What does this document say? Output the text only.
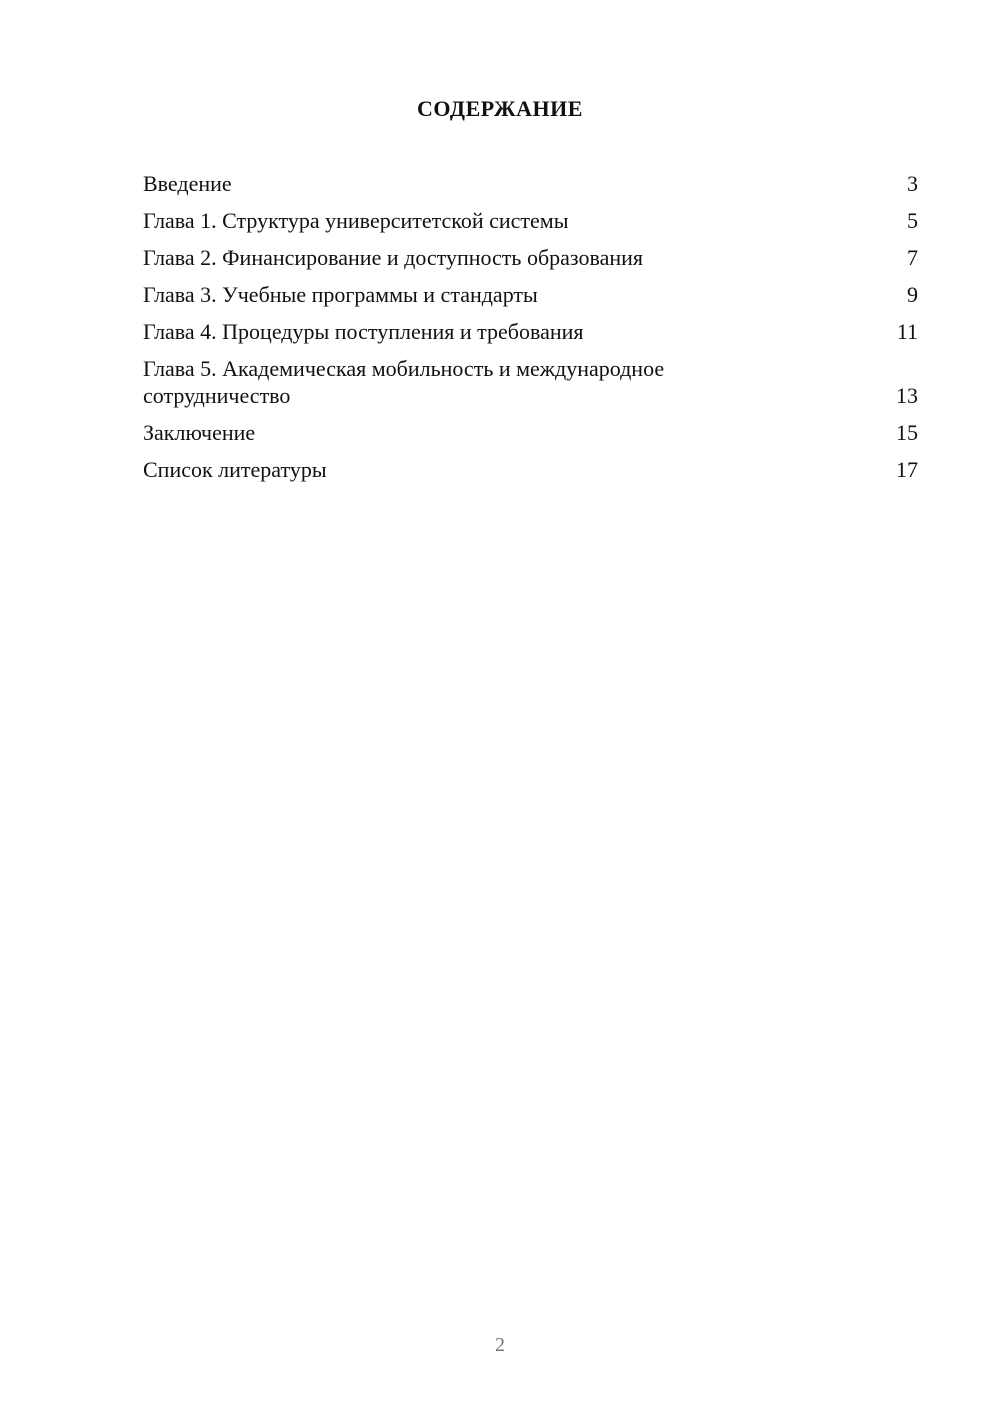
СОДЕРЖАНИЕ
Введение	3
Глава 1. Структура университетской системы	5
Глава 2. Финансирование и доступность образования	7
Глава 3. Учебные программы и стандарты	9
Глава 4. Процедуры поступления и требования	11
Глава 5. Академическая мобильность и международное сотрудничество	13
Заключение	15
Список литературы	17
2
